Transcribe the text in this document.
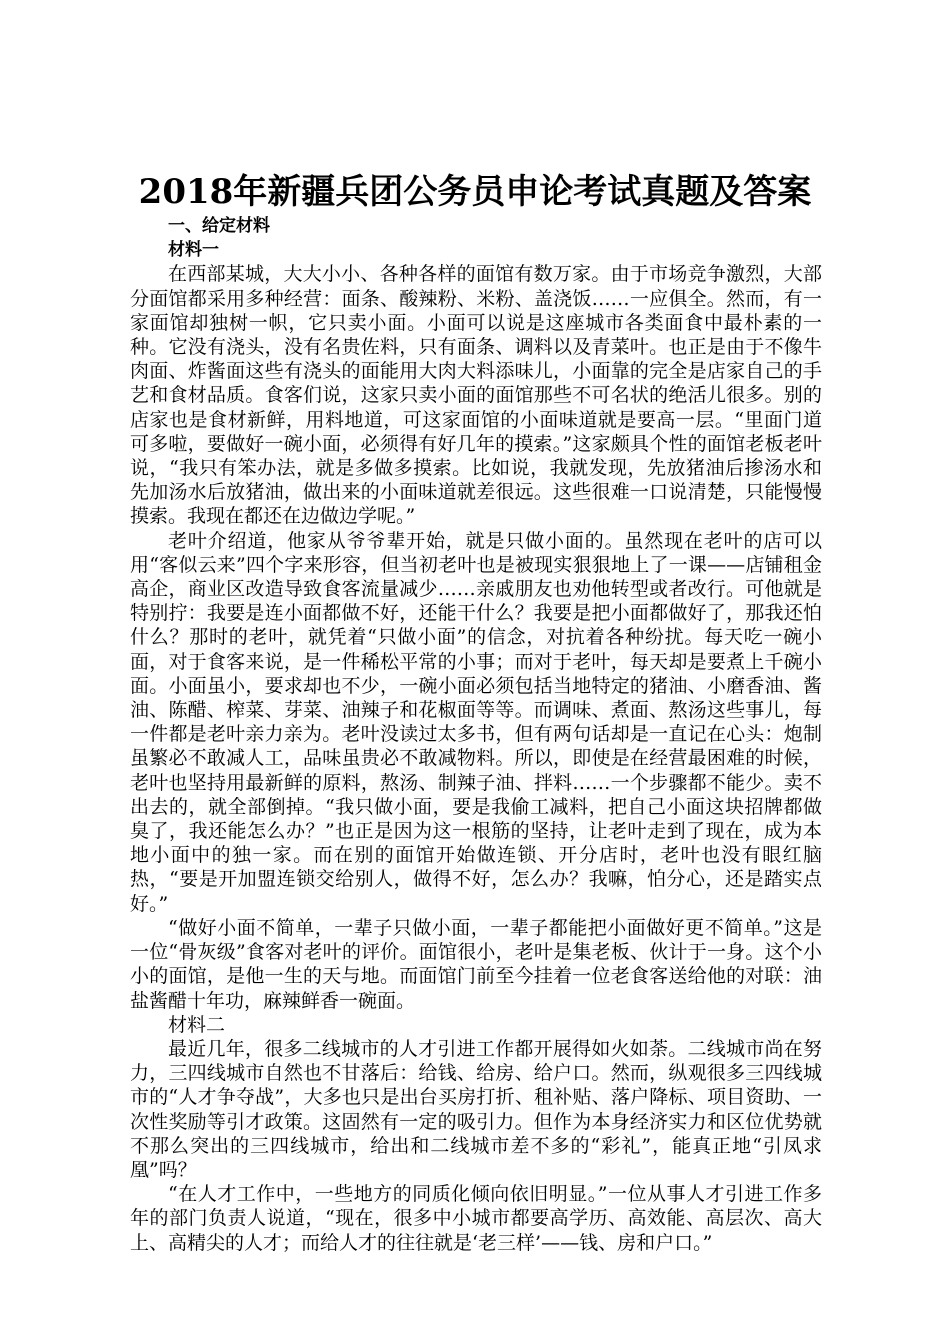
2018年新疆兵团公务员申论考试真题及答案

一、给定材料

材料一

在西部某城，大大小小、各种各样的面馆有数万家。由于市场竞争激烈，大部分面馆都采用多种经营：面条、酸辣粉、米粉、盖浇饭……一应俱全。然而，有一家面馆却独树一帜，它只卖小面。小面可以说是这座城市各类面食中最朴素的一种。它没有浇头，没有名贵佐料，只有面条、调料以及青菜叶。也正是由于不像牛肉面、炸酱面这些有浇头的面能用大肉大料添味儿，小面靠的完全是店家自己的手艺和食材品质。食客们说，这家只卖小面的面馆那些不可名状的绝活儿很多。别的店家也是食材新鲜，用料地道，可这家面馆的小面味道就是要高一层。“里面门道可多啦，要做好一碗小面，必须得有好几年的摸索。”这家颇具个性的面馆老板老叶说，“我只有笨办法，就是多做多摸索。比如说，我就发现，先放猪油后掺汤水和先加汤水后放猪油，做出来的小面味道就差很远。这些很难一口说清楚，只能慢慢摸索。我现在都还在边做边学呢。”

老叶介绍道，他家从爷爷辈开始，就是只做小面的。虽然现在老叶的店可以用“客似云来”四个字来形容，但当初老叶也是被现实狠狠地上了一课——店铺租金高企，商业区改造导致食客流量减少……亲戚朋友也劝他转型或者改行。可他就是特别拧：我要是连小面都做不好，还能干什么？我要是把小面都做好了，那我还怕什么？那时的老叶，就凭着“只做小面”的信念，对抗着各种纷扰。每天吃一碗小面，对于食客来说，是一件稀松平常的小事；而对于老叶，每天却是要煮上千碗小面。小面虽小，要求却也不少，一碗小面必须包括当地特定的猪油、小磨香油、酱油、陈醋、榨菜、芽菜、油辣子和花椒面等等。而调味、煮面、熬汤这些事儿，每一件都是老叶亲力亲为。老叶没读过太多书，但有两句话却是一直记在心头：炮制虽繁必不敢减人工，品味虽贵必不敢减物料。所以，即使是在经营最困难的时候，老叶也坚持用最新鲜的原料，熬汤、制辣子油、拌料……一个步骤都不能少。卖不出去的，就全部倒掉。“我只做小面，要是我偷工减料，把自己小面这块招牌都做臭了，我还能怎么办？”也正是因为这一根筋的坚持，让老叶走到了现在，成为本地小面中的独一家。而在别的面馆开始做连锁、开分店时，老叶也没有眼红脑热，“要是开加盟连锁交给别人，做得不好，怎么办？我嘛，怕分心，还是踏实点好。”

“做好小面不简单，一辈子只做小面，一辈子都能把小面做好更不简单。”这是一位“骨灰级”食客对老叶的评价。面馆很小，老叶是集老板、伙计于一身。这个小小的面馆，是他一生的天与地。而面馆门前至今挂着一位老食客送给他的对联：油盐酱醋十年功，麻辣鲜香一碗面。

材料二

最近几年，很多二线城市的人才引进工作都开展得如火如荼。二线城市尚在努力，三四线城市自然也不甘落后：给钱、给房、给户口。然而，纵观很多三四线城市的“人才争夺战”，大多也只是出台买房打折、租补贴、落户降标、项目资助、一次性奖励等引才政策。这固然有一定的吸引力。但作为本身经济实力和区位优势就不那么突出的三四线城市，给出和二线城市差不多的“彩礼”，能真正地“引凤求凰”吗？

“在人才工作中，一些地方的同质化倾向依旧明显。”一位从事人才引进工作多年的部门负责人说道，“现在，很多中小城市都要高学历、高效能、高层次、高大上、高精尖的人才；而给人才的往往就是‘老三样’——钱、房和户口。”
